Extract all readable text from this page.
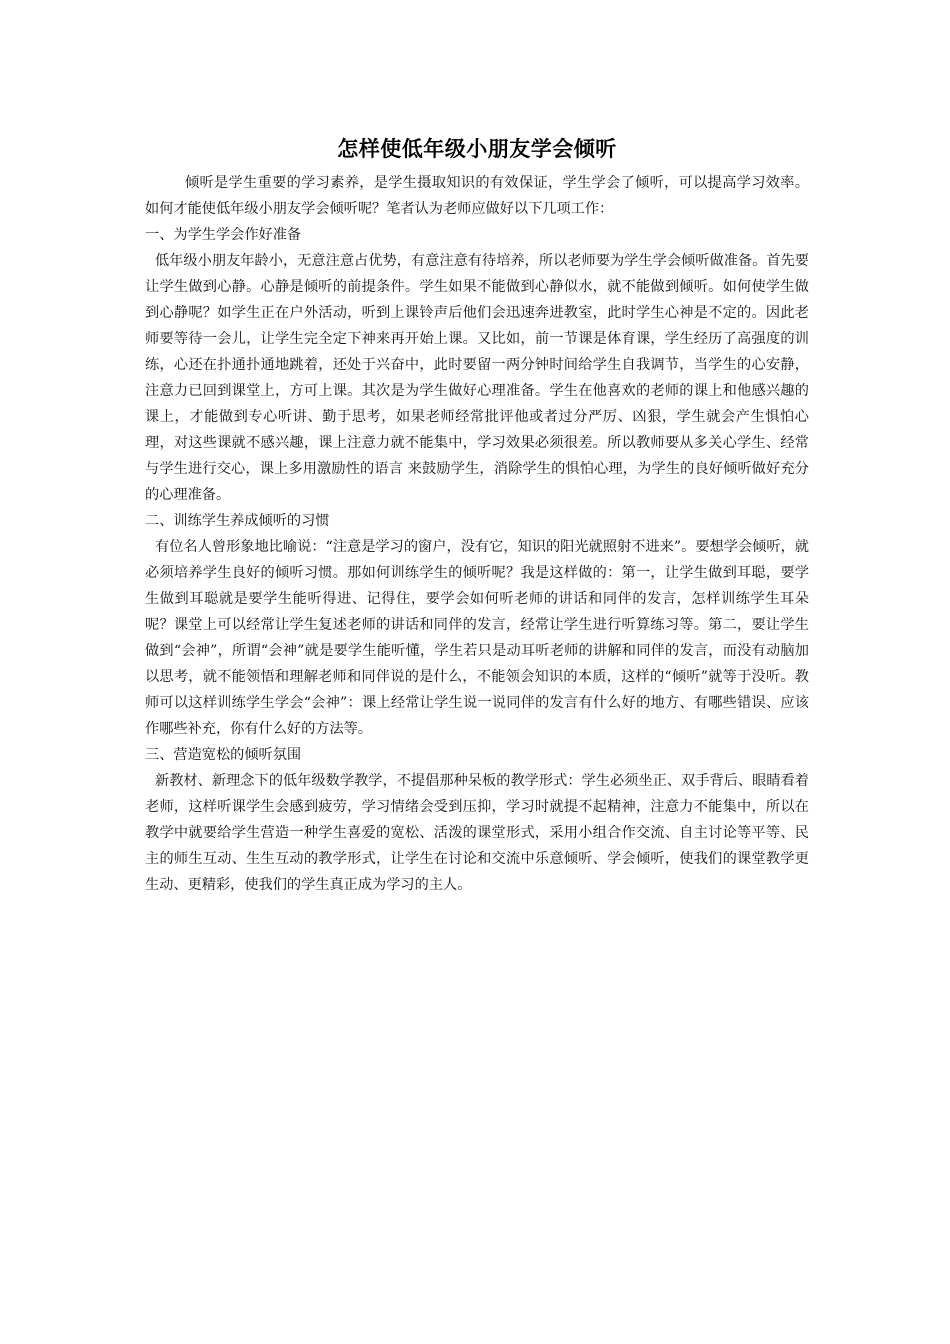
怎样使低年级小朋友学会倾听

倾听是学生重要的学习素养，是学生摄取知识的有效保证，学生学会了倾听，可以提高学习效率。如何才能使低年级小朋友学会倾听呢？笔者认为老师应做好以下几项工作：

一、为学生学会作好准备

低年级小朋友年龄小，无意注意占优势，有意注意有待培养，所以老师要为学生学会倾听做准备。首先要让学生做到心静。心静是倾听的前提条件。学生如果不能做到心静似水，就不能做到倾听。如何使学生做到心静呢？如学生正在户外活动，听到上课铃声后他们会迅速奔进教室，此时学生心神是不定的。因此老师要等待一会儿，让学生完全定下神来再开始上课。又比如，前一节课是体育课，学生经历了高强度的训练，心还在扑通扑通地跳着，还处于兴奋中，此时要留一两分钟时间给学生自我调节，当学生的心安静，注意力已回到课堂上，方可上课。其次是为学生做好心理准备。学生在他喜欢的老师的课上和他感兴趣的课上，才能做到专心听讲、勤于思考，如果老师经常批评他或者过分严厉、凶狠，学生就会产生惧怕心理，对这些课就不感兴趣，课上注意力就不能集中，学习效果必须很差。所以教师要从多关心学生、经常与学生进行交心，课上多用激励性的语言 来鼓励学生，消除学生的惧怕心理，为学生的良好倾听做好充分的心理准备。

二、训练学生养成倾听的习惯

有位名人曾形象地比喻说：“注意是学习的窗户，没有它，知识的阳光就照射不进来”。要想学会倾听，就必须培养学生良好的倾听习惯。那如何训练学生的倾听呢？我是这样做的：第一，让学生做到耳聪，要学生做到耳聪就是要学生能听得进、记得住，要学会如何听老师的讲话和同伴的发言，怎样训练学生耳朵呢？课堂上可以经常让学生复述老师的讲话和同伴的发言，经常让学生进行听算练习等。第二，要让学生做到“会神”，所谓“会神”就是要学生能听懂，学生若只是动耳听老师的讲解和同伴的发言，而没有动脑加以思考，就不能领悟和理解老师和同伴说的是什么，不能领会知识的本质，这样的“倾听”就等于没听。教师可以这样训练学生学会“会神”：课上经常让学生说一说同伴的发言有什么好的地方、有哪些错误、应该作哪些补充，你有什么好的方法等。

三、营造宽松的倾听氛围

新教材、新理念下的低年级数学教学，不提倡那种呆板的教学形式：学生必须坐正、双手背后、眼睛看着老师，这样听课学生会感到疲劳，学习情绪会受到压抑，学习时就提不起精神，注意力不能集中，所以在教学中就要给学生营造一种学生喜爱的宽松、活泼的课堂形式，采用小组合作交流、自主讨论等平等、民主的师生互动、生生互动的教学形式，让学生在讨论和交流中乐意倾听、学会倾听，使我们的课堂教学更生动、更精彩，使我们的学生真正成为学习的主人。
